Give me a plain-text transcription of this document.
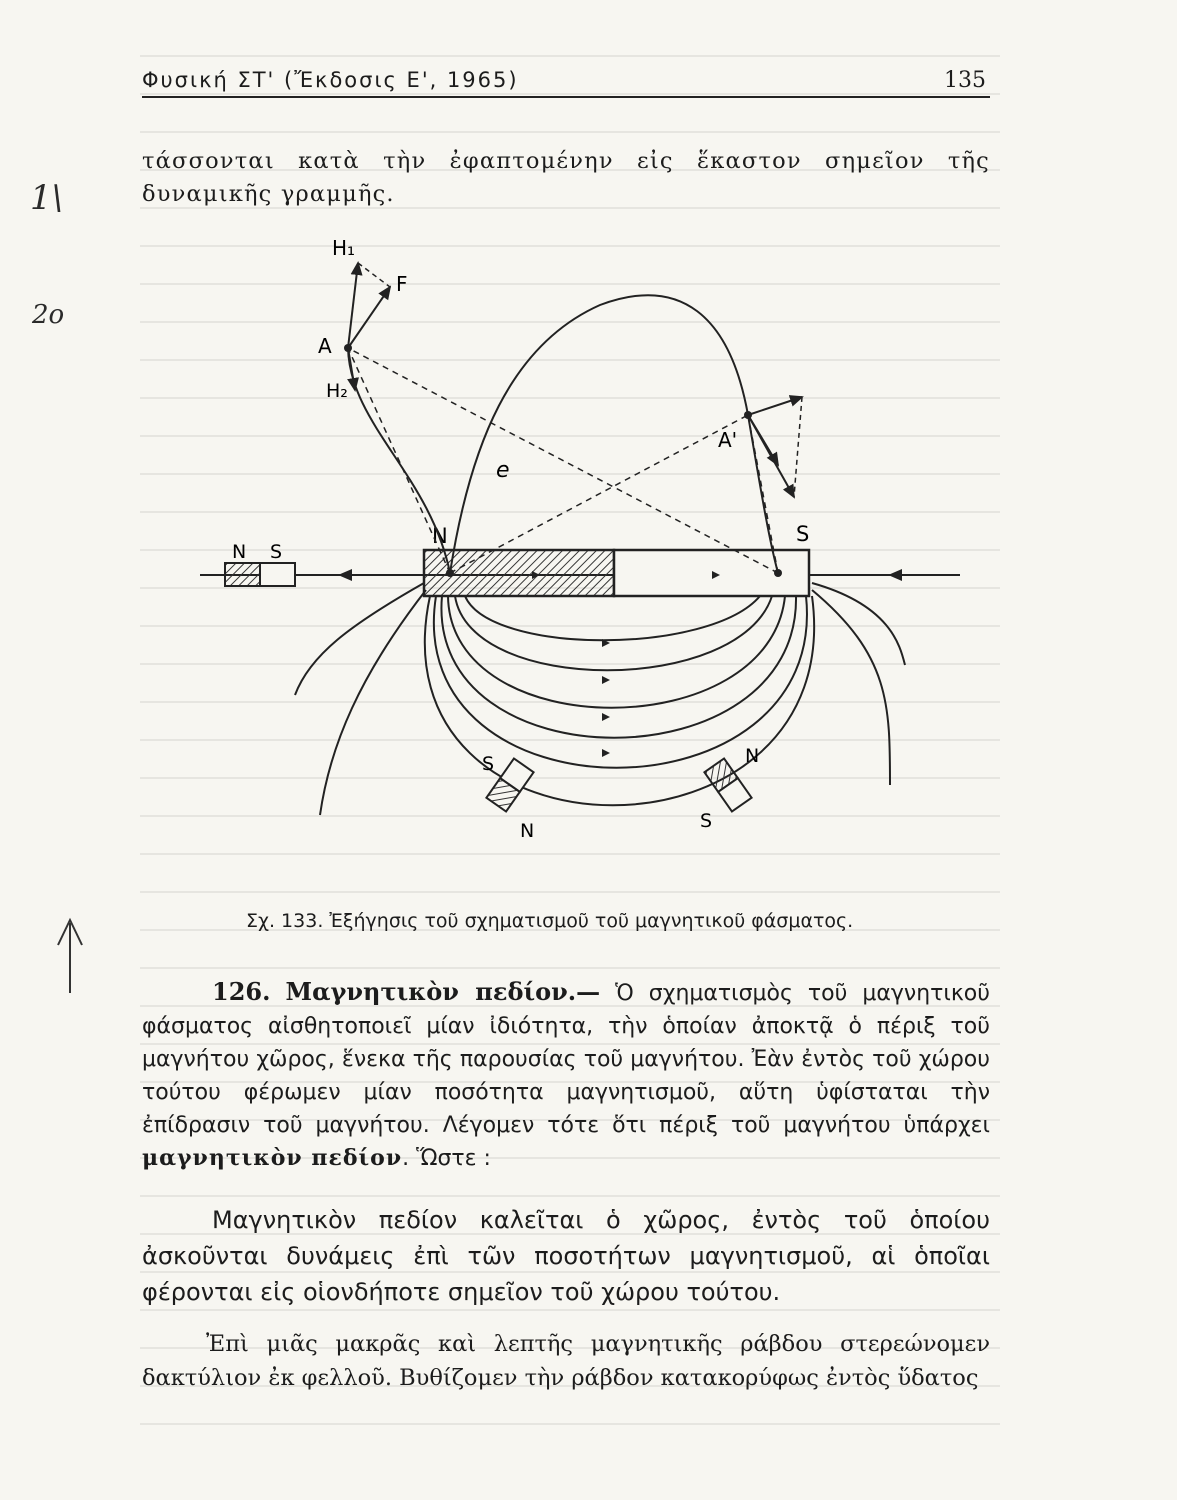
Φυσική ΣΤ' (Ἔκδοσις Ε', 1965)	135
1\
2ο
τάσσονται κατὰ τὴν ἐφαπτομένην εἰς ἕκαστον σημεῖον τῆς δυναμικῆς γραμμῆς.
N S
N	S
A
H₁
F
H₂
A'
e
S
N
N
S
Σχ. 133. Ἐξήγησις τοῦ σχηματισμοῦ τοῦ μαγνητικοῦ φάσματος.
126. Μαγνητικὸν πεδίον.— Ὁ σχηματισμὸς τοῦ μαγνητικοῦ φάσματος αἰσθητοποιεῖ μίαν ἰδιότητα, τὴν ὁποίαν ἀποκτᾷ ὁ πέριξ τοῦ μαγνήτου χῶρος, ἕνεκα τῆς παρουσίας τοῦ μαγνήτου. Ἐὰν ἐντὸς τοῦ χώρου τούτου φέρωμεν μίαν ποσότητα μαγνητισμοῦ, αὕτη ὑφίσταται τὴν ἐπίδρασιν τοῦ μαγνήτου. Λέγομεν τότε ὅτι πέριξ τοῦ μαγνήτου ὑπάρχει μαγνητικὸν πεδίον. Ὥστε :
Μαγνητικὸν πεδίον καλεῖται ὁ χῶρος, ἐντὸς τοῦ ὁποίου ἀσκοῦνται δυνάμεις ἐπὶ τῶν ποσοτήτων μαγνητισμοῦ, αἱ ὁποῖαι φέρονται εἰς οἱονδήποτε σημεῖον τοῦ χώρου τούτου.
Ἐπὶ μιᾶς μακρᾶς καὶ λεπτῆς μαγνητικῆς ράβδου στερεώνομεν δακτύλιον ἐκ φελλοῦ. Βυθίζομεν τὴν ράβδον κατακορύφως ἐντὸς ὕδατος
